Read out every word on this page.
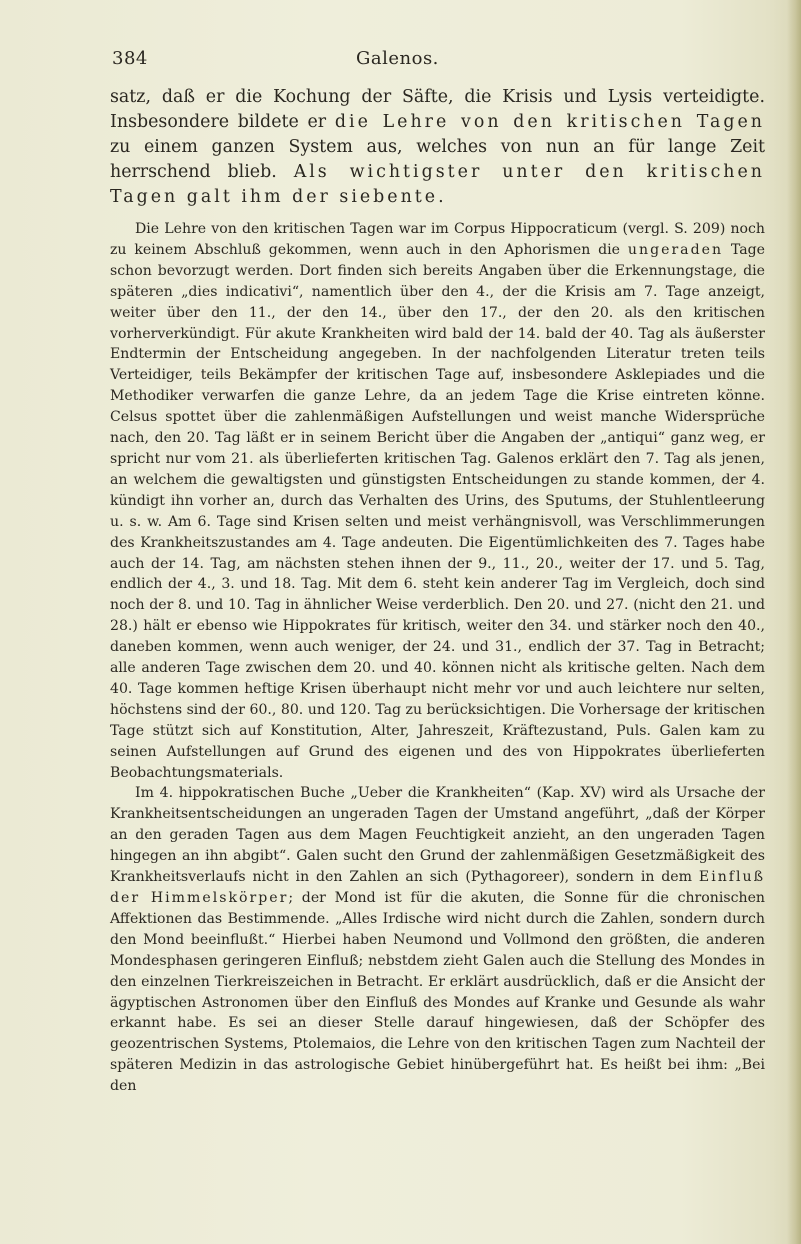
384	Galenos.

satz, daß er die Kochung der Säfte, die Krisis und Lysis verteidigte. Insbesondere bildete er die Lehre von den kritischen Tagen zu einem ganzen System aus, welches von nun an für lange Zeit herrschend blieb. Als wichtigster unter den kritischen Tagen galt ihm der siebente.

Die Lehre von den kritischen Tagen war im Corpus Hippocraticum (vergl. S. 209) noch zu keinem Abschluß gekommen, wenn auch in den Aphorismen die ungeraden Tage schon bevorzugt werden. Dort finden sich bereits Angaben über die Erkennungstage, die späteren „dies indicativi“, namentlich über den 4., der die Krisis am 7. Tage anzeigt, weiter über den 11., der den 14., über den 17., der den 20. als den kritischen vorherverkündigt. Für akute Krankheiten wird bald der 14. bald der 40. Tag als äußerster Endtermin der Entscheidung angegeben. In der nachfolgenden Literatur treten teils Verteidiger, teils Bekämpfer der kritischen Tage auf, insbesondere Asklepiades und die Methodiker verwarfen die ganze Lehre, da an jedem Tage die Krise eintreten könne. Celsus spottet über die zahlenmäßigen Aufstellungen und weist manche Widersprüche nach, den 20. Tag läßt er in seinem Bericht über die Angaben der „antiqui“ ganz weg, er spricht nur vom 21. als überlieferten kritischen Tag. Galenos erklärt den 7. Tag als jenen, an welchem die gewaltigsten und günstigsten Entscheidungen zu stande kommen, der 4. kündigt ihn vorher an, durch das Verhalten des Urins, des Sputums, der Stuhlentleerung u. s. w. Am 6. Tage sind Krisen selten und meist verhängnisvoll, was Verschlimmerungen des Krankheitszustandes am 4. Tage andeuten. Die Eigentümlichkeiten des 7. Tages habe auch der 14. Tag, am nächsten stehen ihnen der 9., 11., 20., weiter der 17. und 5. Tag, endlich der 4., 3. und 18. Tag. Mit dem 6. steht kein anderer Tag im Vergleich, doch sind noch der 8. und 10. Tag in ähnlicher Weise verderblich. Den 20. und 27. (nicht den 21. und 28.) hält er ebenso wie Hippokrates für kritisch, weiter den 34. und stärker noch den 40., daneben kommen, wenn auch weniger, der 24. und 31., endlich der 37. Tag in Betracht; alle anderen Tage zwischen dem 20. und 40. können nicht als kritische gelten. Nach dem 40. Tage kommen heftige Krisen überhaupt nicht mehr vor und auch leichtere nur selten, höchstens sind der 60., 80. und 120. Tag zu berücksichtigen. Die Vorhersage der kritischen Tage stützt sich auf Konstitution, Alter, Jahreszeit, Kräftezustand, Puls. Galen kam zu seinen Aufstellungen auf Grund des eigenen und des von Hippokrates überlieferten Beobachtungsmaterials.

Im 4. hippokratischen Buche „Ueber die Krankheiten“ (Kap. XV) wird als Ursache der Krankheitsentscheidungen an ungeraden Tagen der Umstand angeführt, „daß der Körper an den geraden Tagen aus dem Magen Feuchtigkeit anzieht, an den ungeraden Tagen hingegen an ihn abgibt“. Galen sucht den Grund der zahlenmäßigen Gesetzmäßigkeit des Krankheitsverlaufs nicht in den Zahlen an sich (Pythagoreer), sondern in dem Einfluß der Himmelskörper; der Mond ist für die akuten, die Sonne für die chronischen Affektionen das Bestimmende. „Alles Irdische wird nicht durch die Zahlen, sondern durch den Mond beeinflußt.“ Hierbei haben Neumond und Vollmond den größten, die anderen Mondesphasen geringeren Einfluß; nebstdem zieht Galen auch die Stellung des Mondes in den einzelnen Tierkreiszeichen in Betracht. Er erklärt ausdrücklich, daß er die Ansicht der ägyptischen Astronomen über den Einfluß des Mondes auf Kranke und Gesunde als wahr erkannt habe. Es sei an dieser Stelle darauf hingewiesen, daß der Schöpfer des geozentrischen Systems, Ptolemaios, die Lehre von den kritischen Tagen zum Nachteil der späteren Medizin in das astrologische Gebiet hinübergeführt hat. Es heißt bei ihm: „Bei den
